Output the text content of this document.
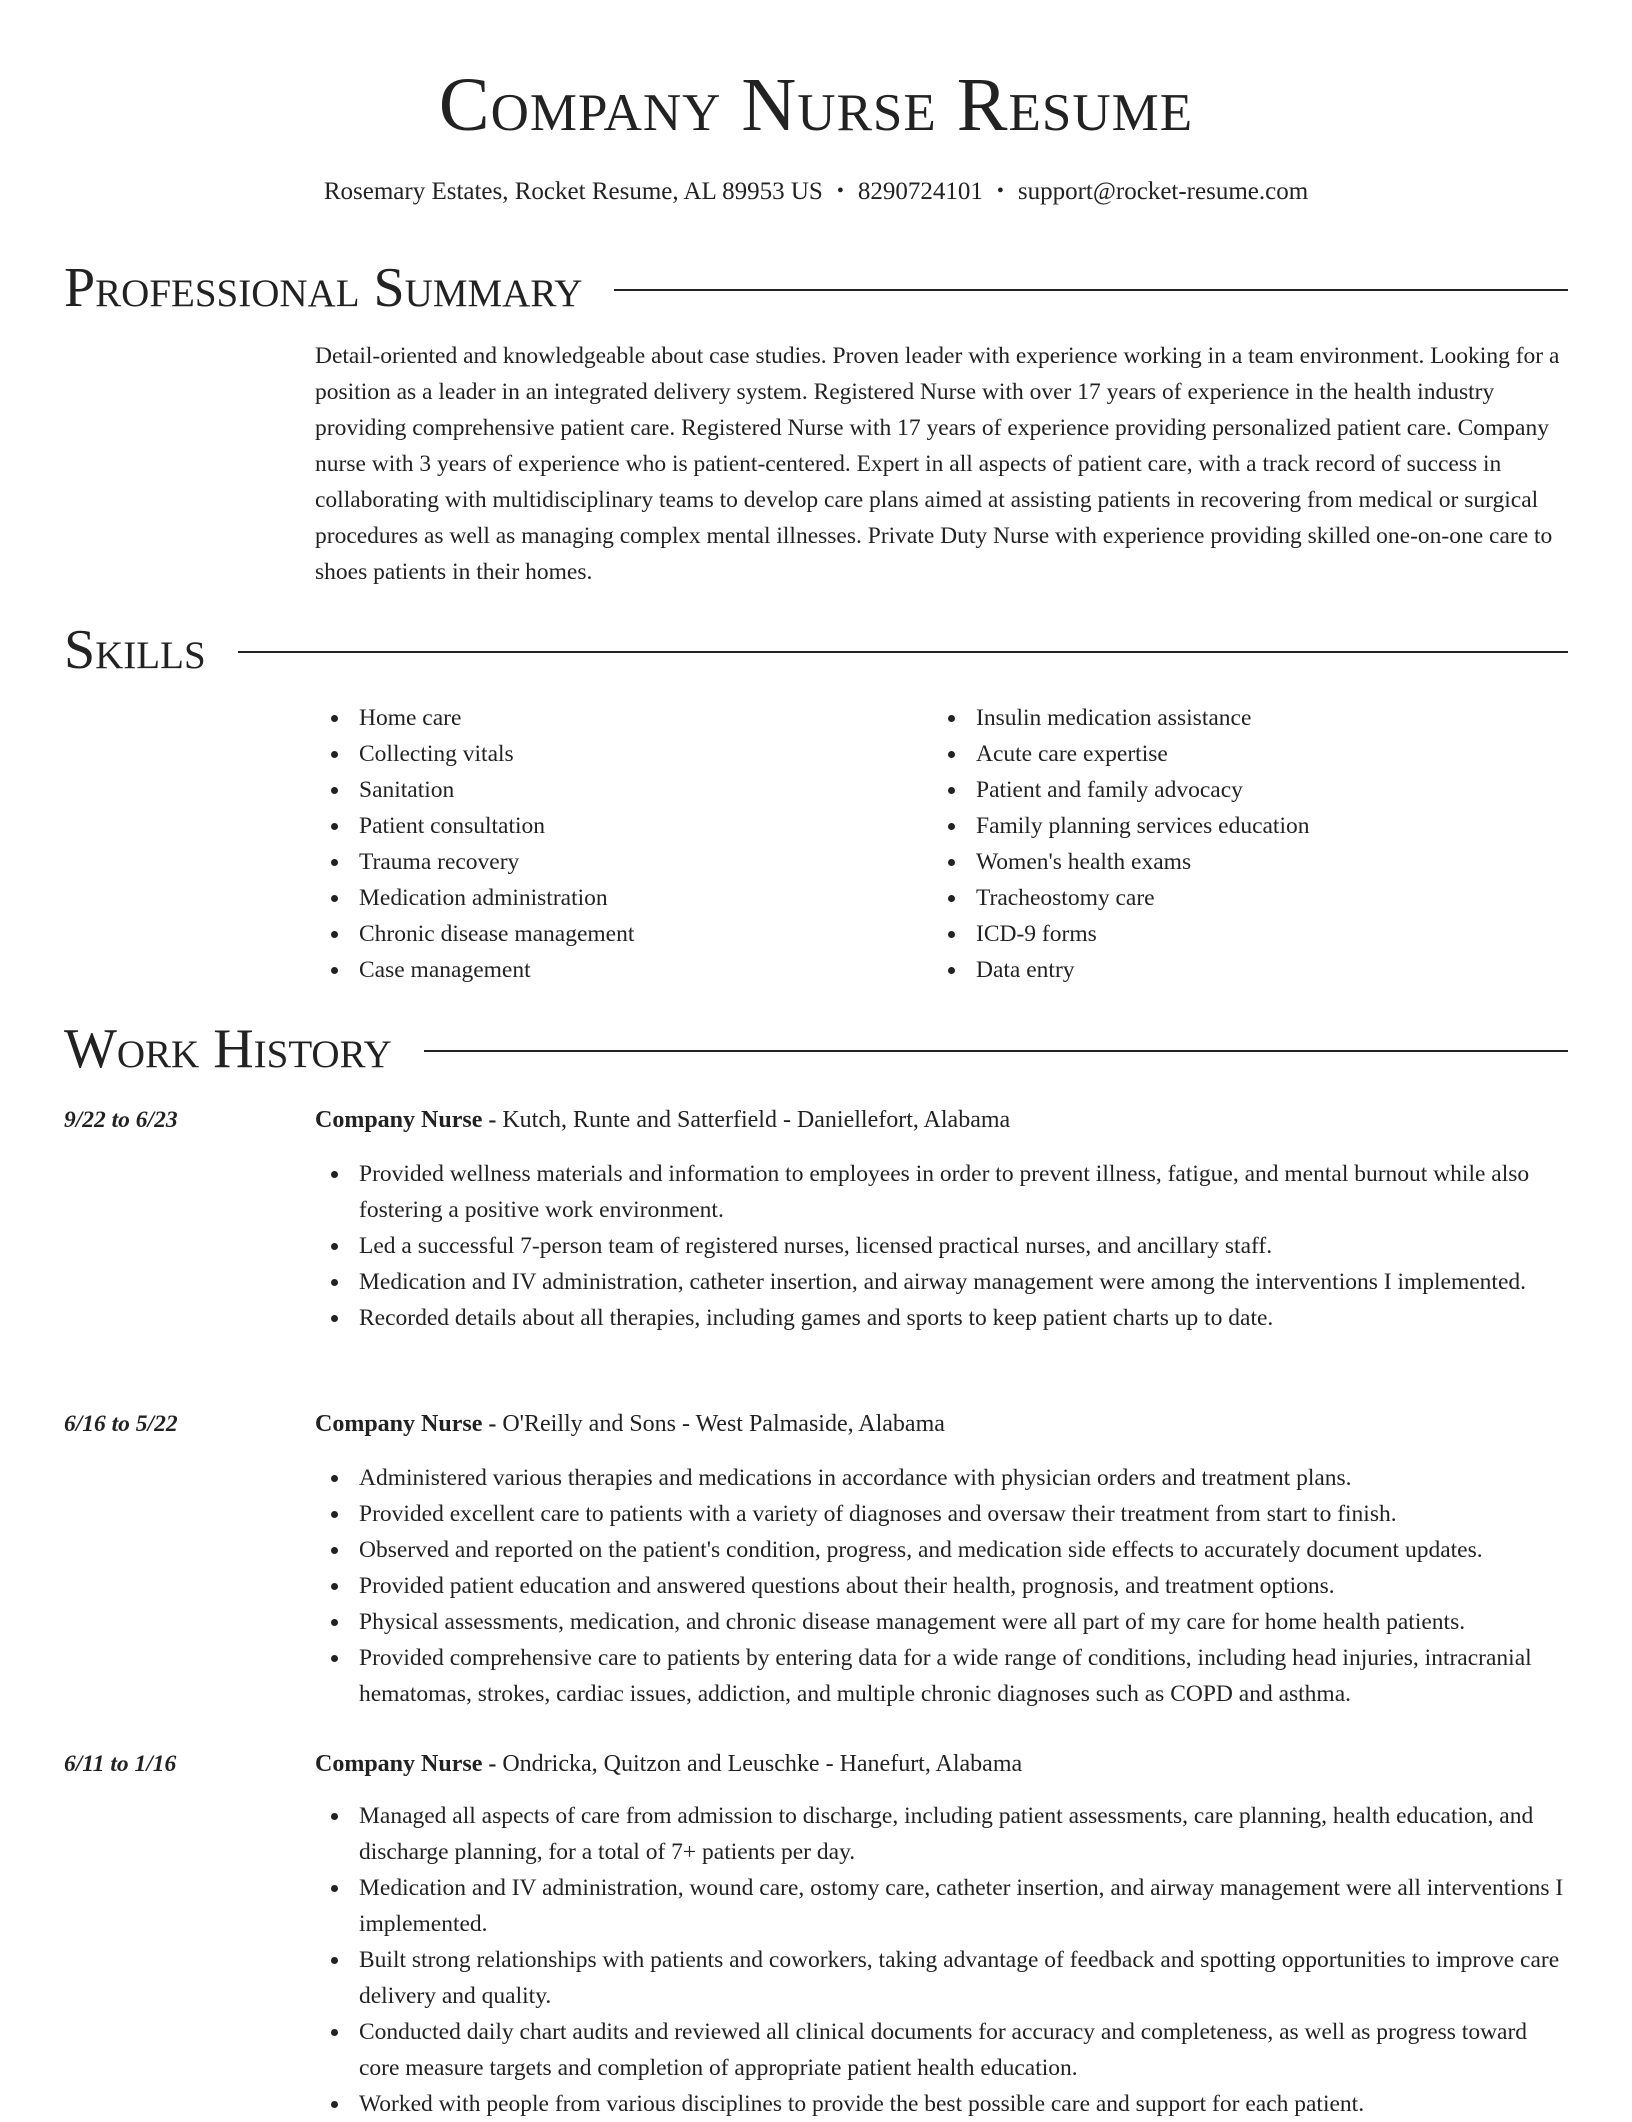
Company Nurse Resume
Rosemary Estates, Rocket Resume, AL 89953 US • 8290724101 • support@rocket-resume.com
Professional Summary

Detail-oriented and knowledgeable about case studies. Proven leader with experience working in a team environment. Looking for a position as a leader in an integrated delivery system. Registered Nurse with over 17 years of experience in the health industry providing comprehensive patient care. Registered Nurse with 17 years of experience providing personalized patient care. Company nurse with 3 years of experience who is patient-centered. Expert in all aspects of patient care, with a track record of success in collaborating with multidisciplinary teams to develop care plans aimed at assisting patients in recovering from medical or surgical procedures as well as managing complex mental illnesses. Private Duty Nurse with experience providing skilled one-on-one care to shoes patients in their homes.

Skills
Home care
Collecting vitals
Sanitation
Patient consultation
Trauma recovery
Medication administration
Chronic disease management
Case management
Insulin medication assistance
Acute care expertise
Patient and family advocacy
Family planning services education
Women's health exams
Tracheostomy care
ICD-9 forms
Data entry
Work History
9/22 to 6/23	Company Nurse - Kutch, Runte and Satterfield - Daniellefort, Alabama
Provided wellness materials and information to employees in order to prevent illness, fatigue, and mental burnout while also fostering a positive work environment.
Led a successful 7-person team of registered nurses, licensed practical nurses, and ancillary staff.
Medication and IV administration, catheter insertion, and airway management were among the interventions I implemented.
Recorded details about all therapies, including games and sports to keep patient charts up to date.
6/16 to 5/22	Company Nurse - O'Reilly and Sons - West Palmaside, Alabama
Administered various therapies and medications in accordance with physician orders and treatment plans.
Provided excellent care to patients with a variety of diagnoses and oversaw their treatment from start to finish.
Observed and reported on the patient's condition, progress, and medication side effects to accurately document updates.
Provided patient education and answered questions about their health, prognosis, and treatment options.
Physical assessments, medication, and chronic disease management were all part of my care for home health patients.
Provided comprehensive care to patients by entering data for a wide range of conditions, including head injuries, intracranial hematomas, strokes, cardiac issues, addiction, and multiple chronic diagnoses such as COPD and asthma.
6/11 to 1/16	Company Nurse - Ondricka, Quitzon and Leuschke - Hanefurt, Alabama
Managed all aspects of care from admission to discharge, including patient assessments, care planning, health education, and discharge planning, for a total of 7+ patients per day.
Medication and IV administration, wound care, ostomy care, catheter insertion, and airway management were all interventions I implemented.
Built strong relationships with patients and coworkers, taking advantage of feedback and spotting opportunities to improve care delivery and quality.
Conducted daily chart audits and reviewed all clinical documents for accuracy and completeness, as well as progress toward core measure targets and completion of appropriate patient health education.
Worked with people from various disciplines to provide the best possible care and support for each patient.
